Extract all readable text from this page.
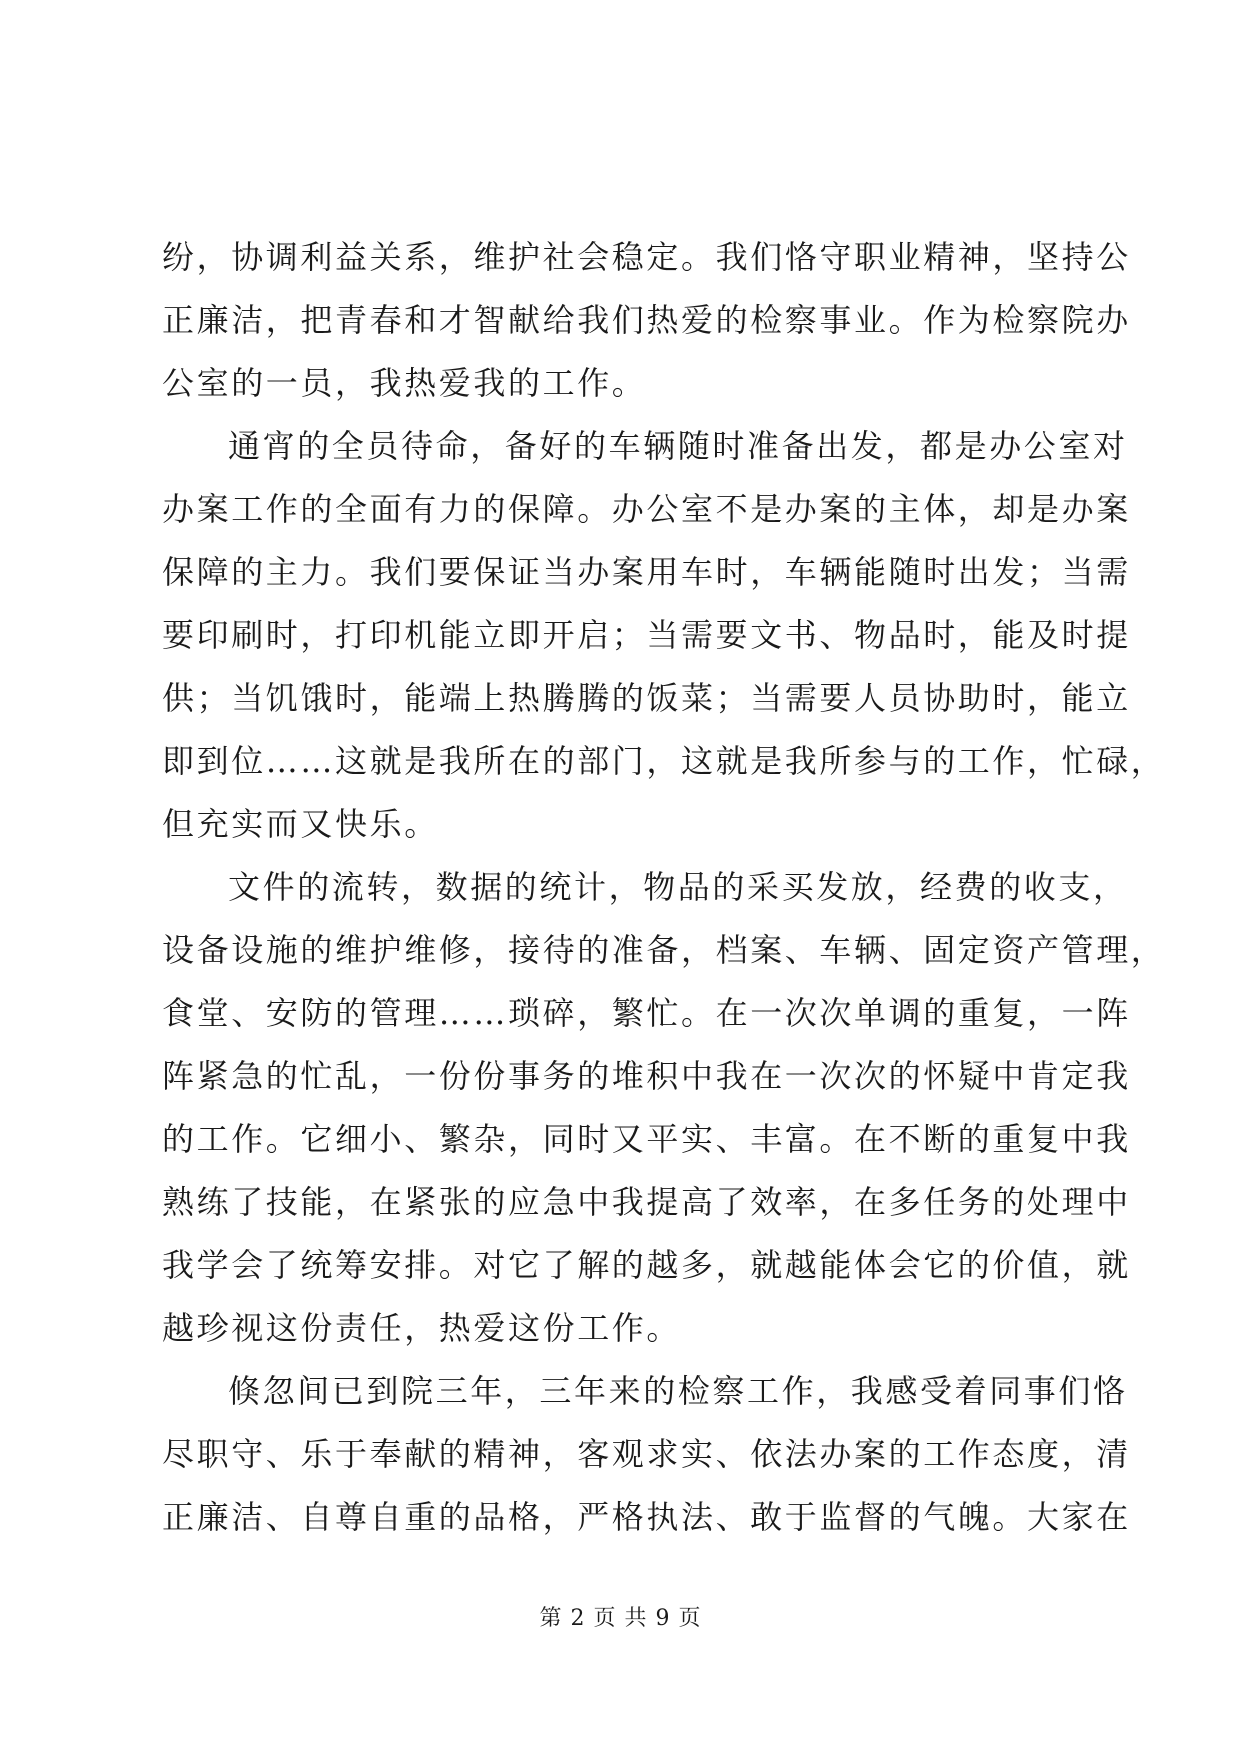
纷，协调利益关系，维护社会稳定。我们恪守职业精神，坚持公
正廉洁，把青春和才智献给我们热爱的检察事业。作为检察院办
公室的一员，我热爱我的工作。
通宵的全员待命，备好的车辆随时准备出发，都是办公室对
办案工作的全面有力的保障。办公室不是办案的主体，却是办案
保障的主力。我们要保证当办案用车时，车辆能随时出发；当需
要印刷时，打印机能立即开启；当需要文书、物品时，能及时提
供；当饥饿时，能端上热腾腾的饭菜；当需要人员协助时，能立
即到位……这就是我所在的部门，这就是我所参与的工作，忙碌，
但充实而又快乐。
文件的流转，数据的统计，物品的采买发放，经费的收支，
设备设施的维护维修，接待的准备，档案、车辆、固定资产管理，
食堂、安防的管理……琐碎，繁忙。在一次次单调的重复，一阵
阵紧急的忙乱，一份份事务的堆积中我在一次次的怀疑中肯定我
的工作。它细小、繁杂，同时又平实、丰富。在不断的重复中我
熟练了技能，在紧张的应急中我提高了效率，在多任务的处理中
我学会了统筹安排。对它了解的越多，就越能体会它的价值，就
越珍视这份责任，热爱这份工作。
倏忽间已到院三年，三年来的检察工作，我感受着同事们恪
尽职守、乐于奉献的精神，客观求实、依法办案的工作态度，清
正廉洁、自尊自重的品格，严格执法、敢于监督的气魄。大家在
第 2 页 共 9 页
